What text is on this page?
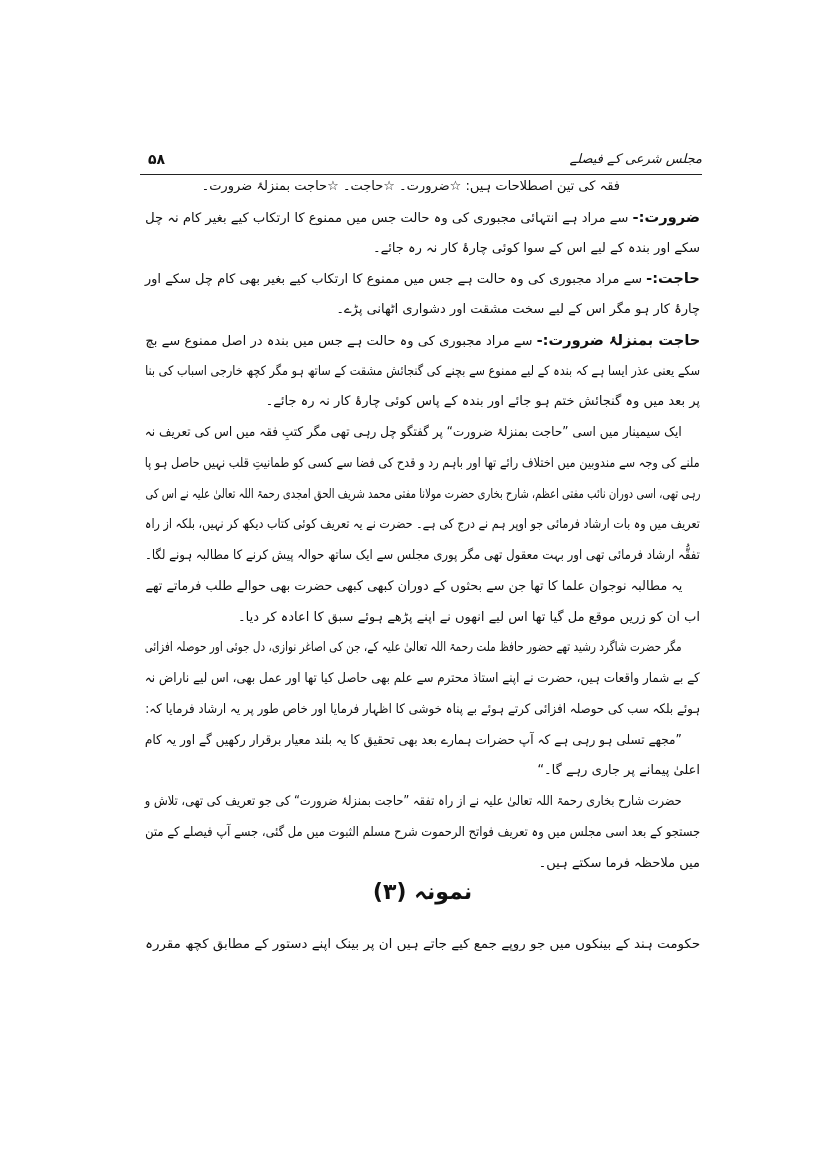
مجلس شرعی کے فیصلے
۵۸
فقہ کی تین اصطلاحات ہیں: ☆ضرورت۔ ☆حاجت۔ ☆حاجت بمنزلۂ ضرورت۔
ضرورت:- سے مراد ہے انتہائی مجبوری کی وہ حالت جس میں ممنوع کا ارتکاب کیے بغیر کام نہ چل
سکے اور بندہ کے لیے اس کے سوا کوئی چارۂ کار نہ رہ جائے۔
حاجت:- سے مراد مجبوری کی وہ حالت ہے جس میں ممنوع کا ارتکاب کیے بغیر بھی کام چل سکے اور
چارۂ کار ہو مگر اس کے لیے سخت مشقت اور دشواری اٹھانی پڑے۔
حاجت بمنزلۂ ضرورت:- سے مراد مجبوری کی وہ حالت ہے جس میں بندہ در اصل ممنوع سے بچ
سکے یعنی عذر ایسا ہے کہ بندہ کے لیے ممنوع سے بچنے کی گنجائش مشقت کے ساتھ ہو مگر کچھ خارجی اسباب کی بنا
پر بعد میں وہ گنجائش ختم ہو جائے اور بندہ کے پاس کوئی چارۂ کار نہ رہ جائے۔
ایک سیمینار میں اسی ”حاجت بمنزلۂ ضرورت“ پر گفتگو چل رہی تھی مگر کتبِ فقہ میں اس کی تعریف نہ
ملنے کی وجہ سے مندوبین میں اختلاف رائے تھا اور باہم رد و قدح کی فضا سے کسی کو طمانیتِ قلب نہیں حاصل ہو پا
رہی تھی، اسی دوران نائب مفتی اعظم، شارح بخاری حضرت مولانا مفتی محمد شریف الحق امجدی رحمۃ اللہ تعالیٰ علیہ نے اس کی
تعریف میں وہ بات ارشاد فرمائی جو اوپر ہم نے درج کی ہے۔ حضرت نے یہ تعریف کوئی کتاب دیکھ کر نہیں، بلکہ از راہ
تفقُّہ ارشاد فرمائی تھی اور بہت معقول تھی مگر پوری مجلس سے ایک ساتھ حوالہ پیش کرنے کا مطالبہ ہونے لگا۔
یہ مطالبہ نوجوان علما کا تھا جن سے بحثوں کے دوران کبھی کبھی حضرت بھی حوالے طلب فرماتے تھے
اب ان کو زریں موقع مل گیا تھا اس لیے انھوں نے اپنے پڑھے ہوئے سبق کا اعادہ کر دیا۔
مگر حضرت شاگرد رشید تھے حضور حافظ ملت رحمۃ اللہ تعالیٰ علیہ کے، جن کی اصاغر نوازی، دل جوئی اور حوصلہ افزائی
کے بے شمار واقعات ہیں، حضرت نے اپنے استاذ محترم سے علم بھی حاصل کیا تھا اور عمل بھی، اس لیے ناراض نہ
ہوئے بلکہ سب کی حوصلہ افزائی کرتے ہوئے بے پناہ خوشی کا اظہار فرمایا اور خاص طور پر یہ ارشاد فرمایا کہ:
”مجھے تسلی ہو رہی ہے کہ آپ حضرات ہمارے بعد بھی تحقیق کا یہ بلند معیار برقرار رکھیں گے اور یہ کام
اعلیٰ پیمانے پر جاری رہے گا۔“
حضرت شارح بخاری رحمۃ اللہ تعالیٰ علیہ نے از راہ تفقہ ”حاجت بمنزلۂ ضرورت“ کی جو تعریف کی تھی، تلاش و
جستجو کے بعد اسی مجلس میں وہ تعریف فواتح الرحموت شرح مسلم الثبوت میں مل گئی، جسے آپ فیصلے کے متن
میں ملاحظہ فرما سکتے ہیں۔
نمونہ (۳)
حکومت ہند کے بینکوں میں جو روپے جمع کیے جاتے ہیں ان پر بینک اپنے دستور کے مطابق کچھ مقررہ
